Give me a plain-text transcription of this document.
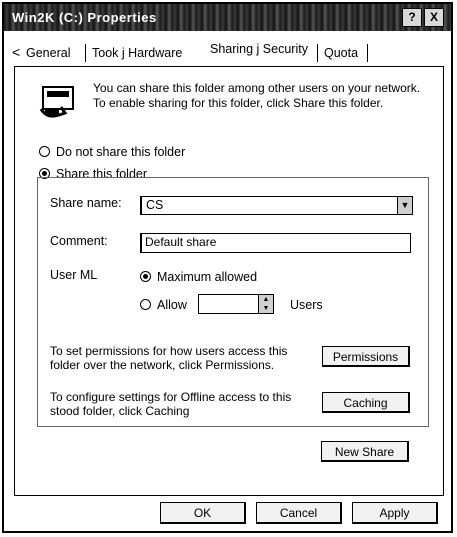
Win2K (C:) Properties	?	X
< General Took j Hardware Sharing j Security Quota
You can share this folder among other users on your network. To enable sharing for this folder, click Share this folder.
Do not share this folder
Share this folder
Share name: CS	▼
Comment:	Default share
User ML	Maximum allowed
Allow	▲
▼ Users
To set permissions for how users access this folder over the network, click Permissions.
Permissions
To configure settings for Offline access to this stood folder, click Caching
Caching
New Share
OK	Cancel	Apply
